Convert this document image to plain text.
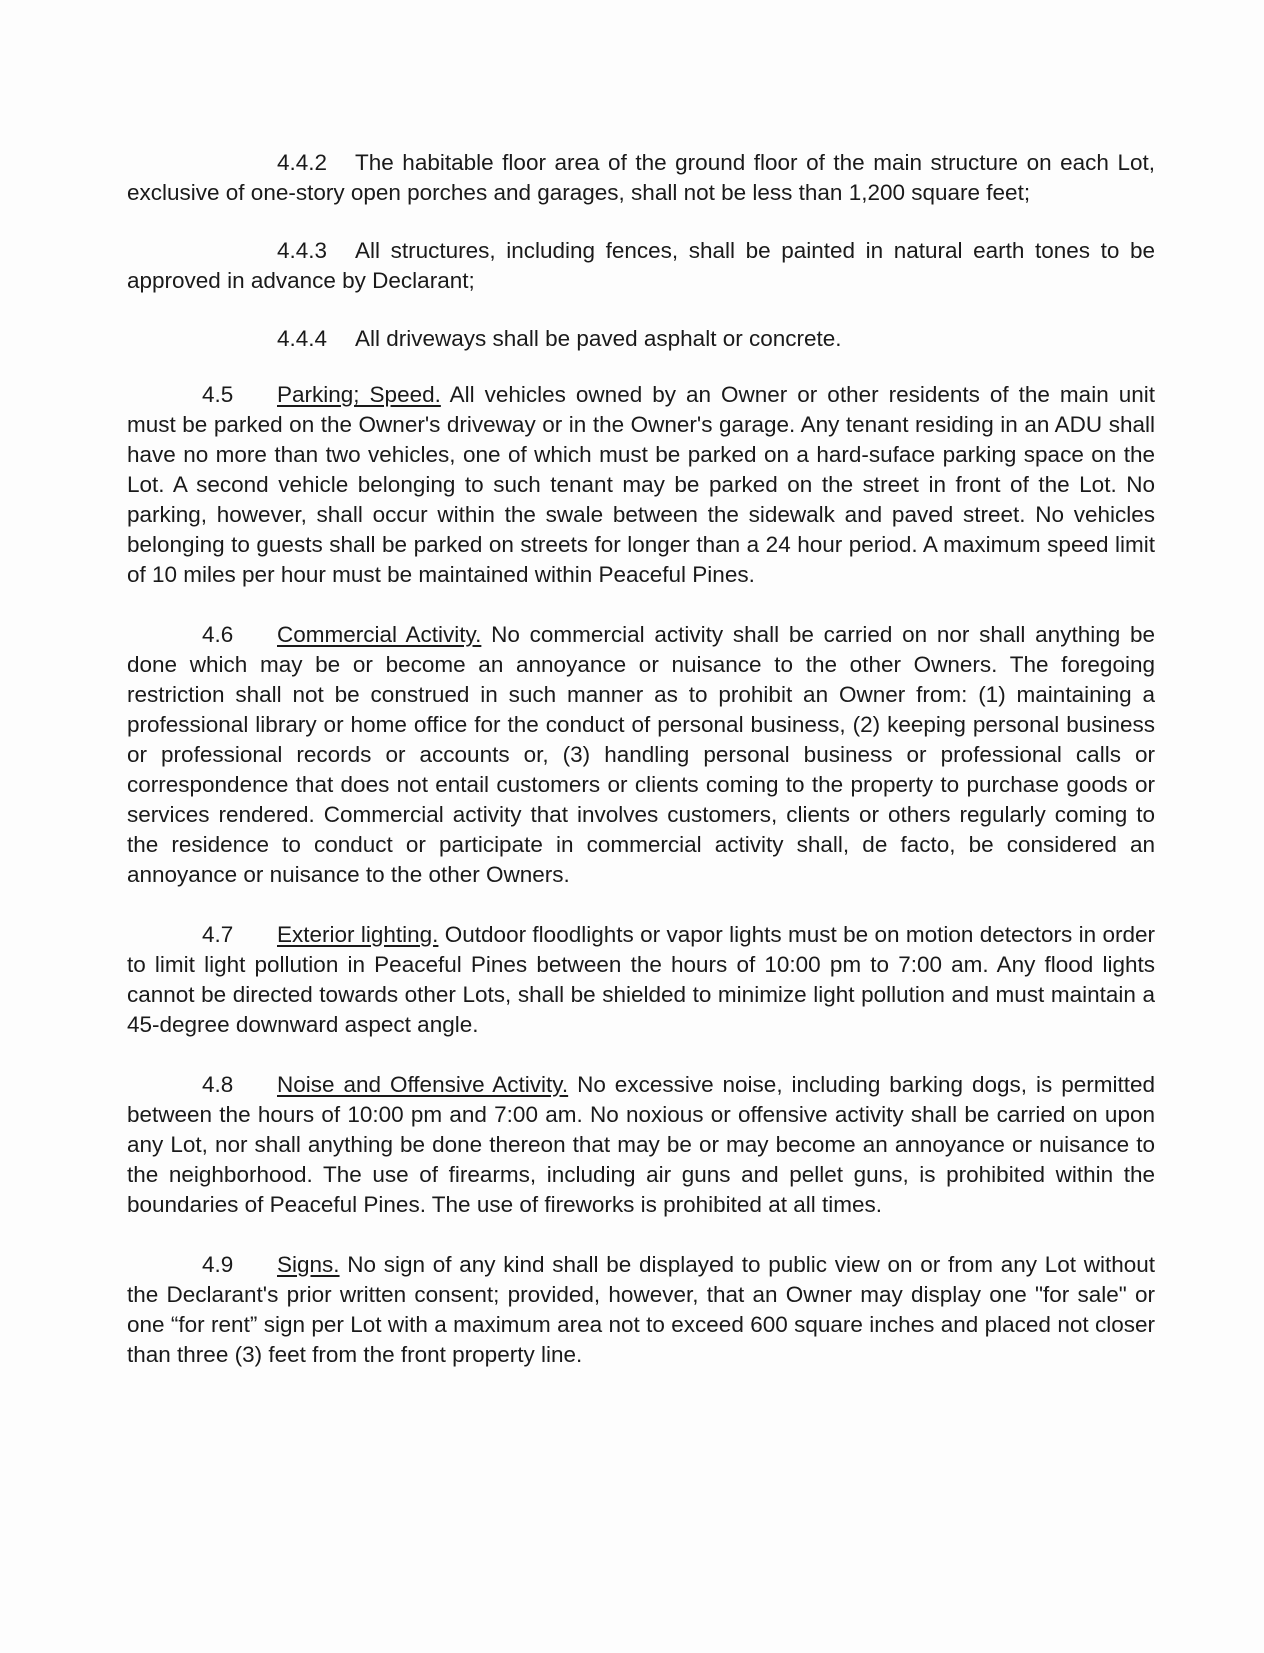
4.4.2 The habitable floor area of the ground floor of the main structure on each Lot, exclusive of one-story open porches and garages, shall not be less than 1,200 square feet;

4.4.3 All structures, including fences, shall be painted in natural earth tones to be approved in advance by Declarant;

4.4.4 All driveways shall be paved asphalt or concrete.

4.5 Parking; Speed. All vehicles owned by an Owner or other residents of the main unit must be parked on the Owner's driveway or in the Owner's garage. Any tenant residing in an ADU shall have no more than two vehicles, one of which must be parked on a hard-suface parking space on the Lot. A second vehicle belonging to such tenant may be parked on the street in front of the Lot. No parking, however, shall occur within the swale between the sidewalk and paved street. No vehicles belonging to guests shall be parked on streets for longer than a 24 hour period. A maximum speed limit of 10 miles per hour must be maintained within Peaceful Pines.

4.6 Commercial Activity. No commercial activity shall be carried on nor shall anything be done which may be or become an annoyance or nuisance to the other Owners. The foregoing restriction shall not be construed in such manner as to prohibit an Owner from: (1) maintaining a professional library or home office for the conduct of personal business, (2) keeping personal business or professional records or accounts or, (3) handling personal business or professional calls or correspondence that does not entail customers or clients coming to the property to purchase goods or services rendered. Commercial activity that involves customers, clients or others regularly coming to the residence to conduct or participate in commercial activity shall, de facto, be considered an annoyance or nuisance to the other Owners.

4.7 Exterior lighting. Outdoor floodlights or vapor lights must be on motion detectors in order to limit light pollution in Peaceful Pines between the hours of 10:00 pm to 7:00 am. Any flood lights cannot be directed towards other Lots, shall be shielded to minimize light pollution and must maintain a 45-degree downward aspect angle.

4.8 Noise and Offensive Activity. No excessive noise, including barking dogs, is permitted between the hours of 10:00 pm and 7:00 am. No noxious or offensive activity shall be carried on upon any Lot, nor shall anything be done thereon that may be or may become an annoyance or nuisance to the neighborhood. The use of firearms, including air guns and pellet guns, is prohibited within the boundaries of Peaceful Pines. The use of fireworks is prohibited at all times.

4.9 Signs. No sign of any kind shall be displayed to public view on or from any Lot without the Declarant's prior written consent; provided, however, that an Owner may display one "for sale" or one “for rent” sign per Lot with a maximum area not to exceed 600 square inches and placed not closer than three (3) feet from the front property line.
